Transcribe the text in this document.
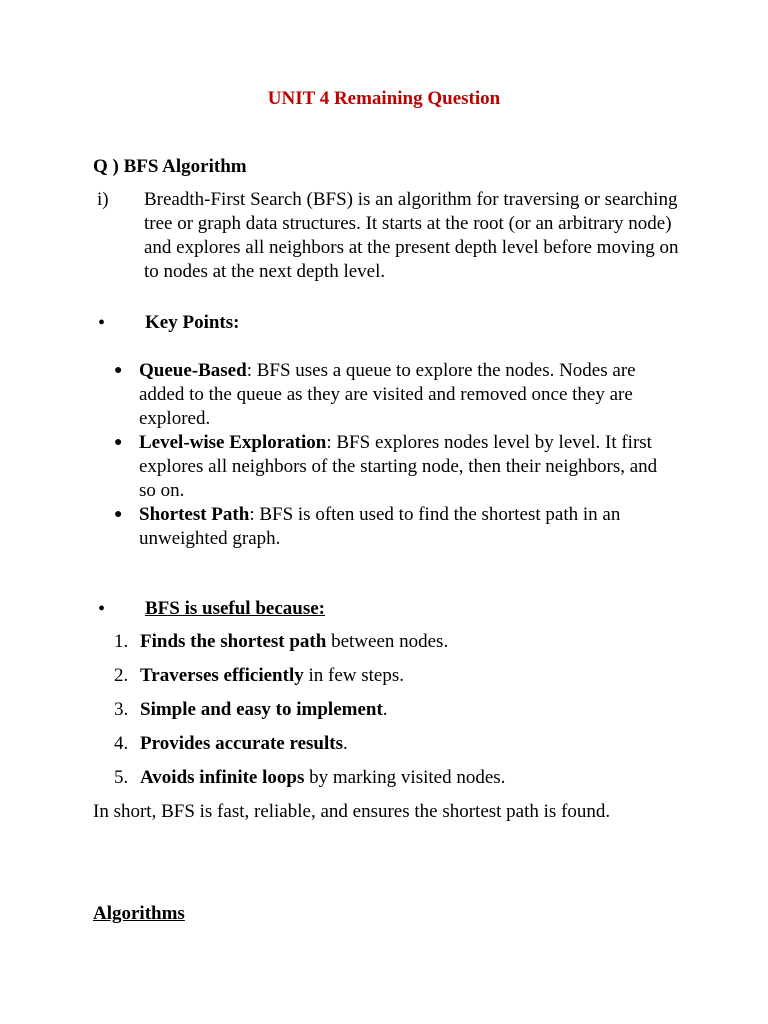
UNIT 4 Remaining Question
Q ) BFS Algorithm
i) Breadth-First Search (BFS) is an algorithm for traversing or searching tree or graph data structures. It starts at the root (or an arbitrary node) and explores all neighbors at the present depth level before moving on to nodes at the next depth level.
• Key Points:
● Queue-Based: BFS uses a queue to explore the nodes. Nodes are added to the queue as they are visited and removed once they are explored.
● Level-wise Exploration: BFS explores nodes level by level. It first explores all neighbors of the starting node, then their neighbors, and so on.
● Shortest Path: BFS is often used to find the shortest path in an unweighted graph.
• BFS is useful because:
1. Finds the shortest path between nodes.
2. Traverses efficiently in few steps.
3. Simple and easy to implement.
4. Provides accurate results.
5. Avoids infinite loops by marking visited nodes.
In short, BFS is fast, reliable, and ensures the shortest path is found.
Algorithms
